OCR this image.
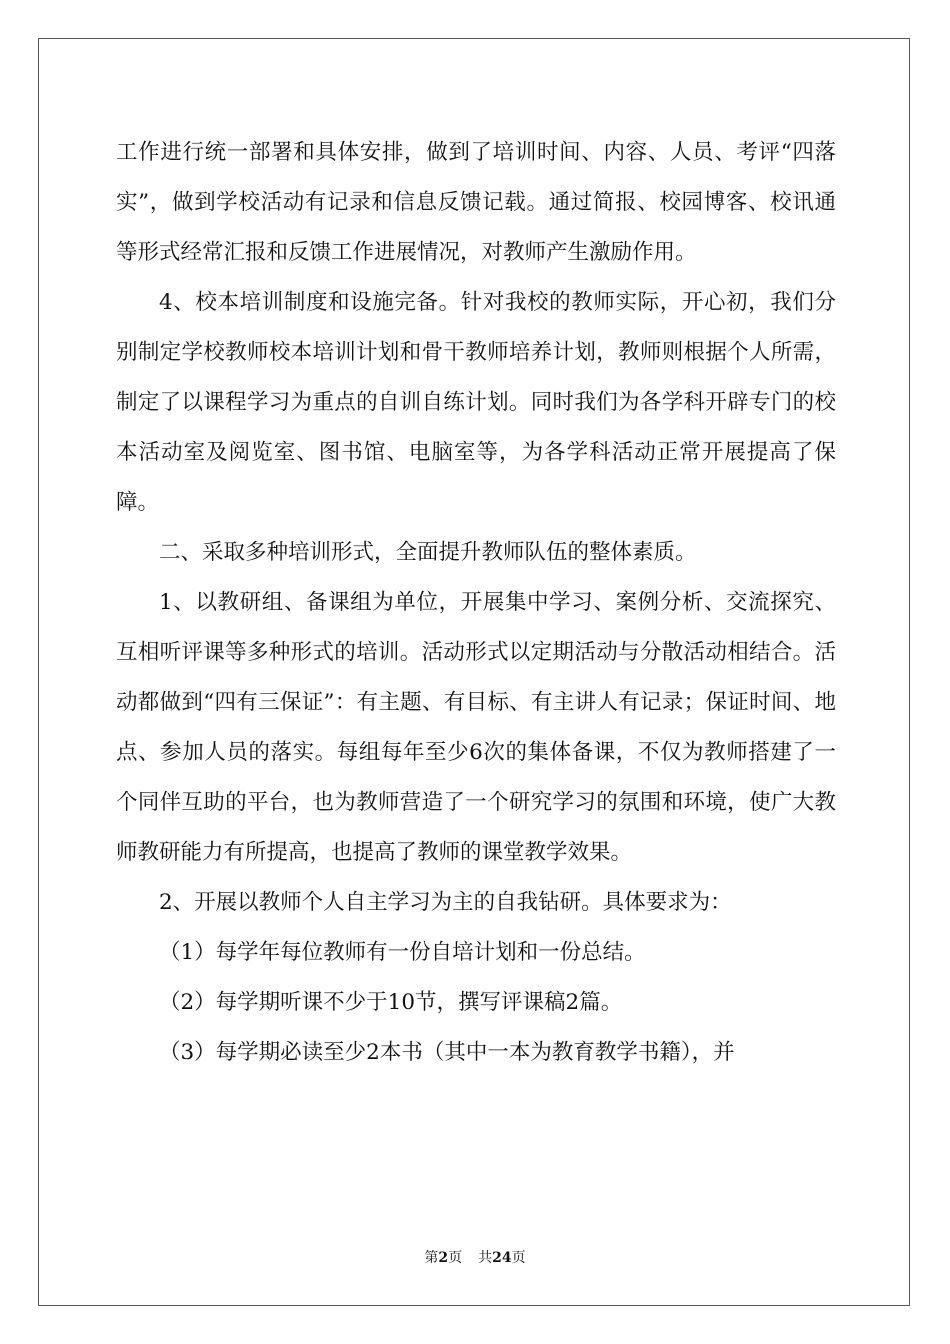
工作进行统一部署和具体安排，做到了培训时间、内容、人员、考评“四落实”，做到学校活动有记录和信息反馈记载。通过简报、校园博客、校讯通等形式经常汇报和反馈工作进展情况，对教师产生激励作用。

4、校本培训制度和设施完备。针对我校的教师实际，开心初，我们分别制定学校教师校本培训计划和骨干教师培养计划，教师则根据个人所需，制定了以课程学习为重点的自训自练计划。同时我们为各学科开辟专门的校本活动室及阅览室、图书馆、电脑室等，为各学科活动正常开展提高了保障。

二、采取多种培训形式，全面提升教师队伍的整体素质。

1、以教研组、备课组为单位，开展集中学习、案例分析、交流探究、互相听评课等多种形式的培训。活动形式以定期活动与分散活动相结合。活动都做到“四有三保证”：有主题、有目标、有主讲人有记录；保证时间、地点、参加人员的落实。每组每年至少6次的集体备课，不仅为教师搭建了一个同伴互助的平台，也为教师营造了一个研究学习的氛围和环境，使广大教师教研能力有所提高，也提高了教师的课堂教学效果。

2、开展以教师个人自主学习为主的自我钻研。具体要求为：

（1）每学年每位教师有一份自培计划和一份总结。

（2）每学期听课不少于10节，撰写评课稿2篇。

（3）每学期必读至少2本书（其中一本为教育教学书籍），并

第2页 共24页
